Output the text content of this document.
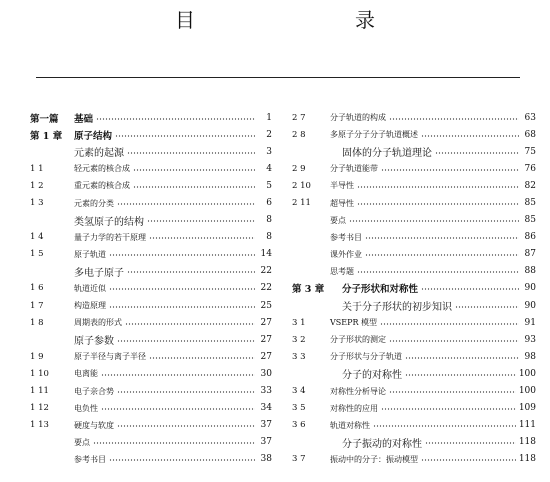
目　　录
第一篇	基础	1
第 1 章	原子结构	2
元素的起源	3
1 1	轻元素的核合成	4
1 2	重元素的核合成	5
1 3	元素的分类	6
类氢原子的结构	8
1 4	量子力学的若干原理	8
1 5	原子轨道	14
多电子原子	22
1 6	轨道近似	22
1 7	构造原理	25
1 8	周期表的形式	27
原子参数	27
1 9	原子半径与离子半径	27
1 10	电离能	30
1 11	电子亲合势	33
1 12	电负性	34
1 13	硬度与软度	37
要点	37
参考书目	38
2 7	分子轨道的构成	63
2 8	多原子分子分子轨道概述	68
固体的分子轨道理论	75
2 9	分子轨道能带	76
2 10	半导性	82
2 11	超导性	85
要点	85
参考书目	86
课外作业	87
思考题	88
第 3 章	分子形状和对称性	90
关于分子形状的初步知识	90
3 1	VSEPR 模型	91
3 2	分子形状的测定	93
3 3	分子形状与分子轨道	98
分子的对称性	100
3 4	对称性分析导论	100
3 5	对称性的应用	109
3 6	轨道对称性	111
分子振动的对称性	118
3 7	振动中的分子：振动模型	118
